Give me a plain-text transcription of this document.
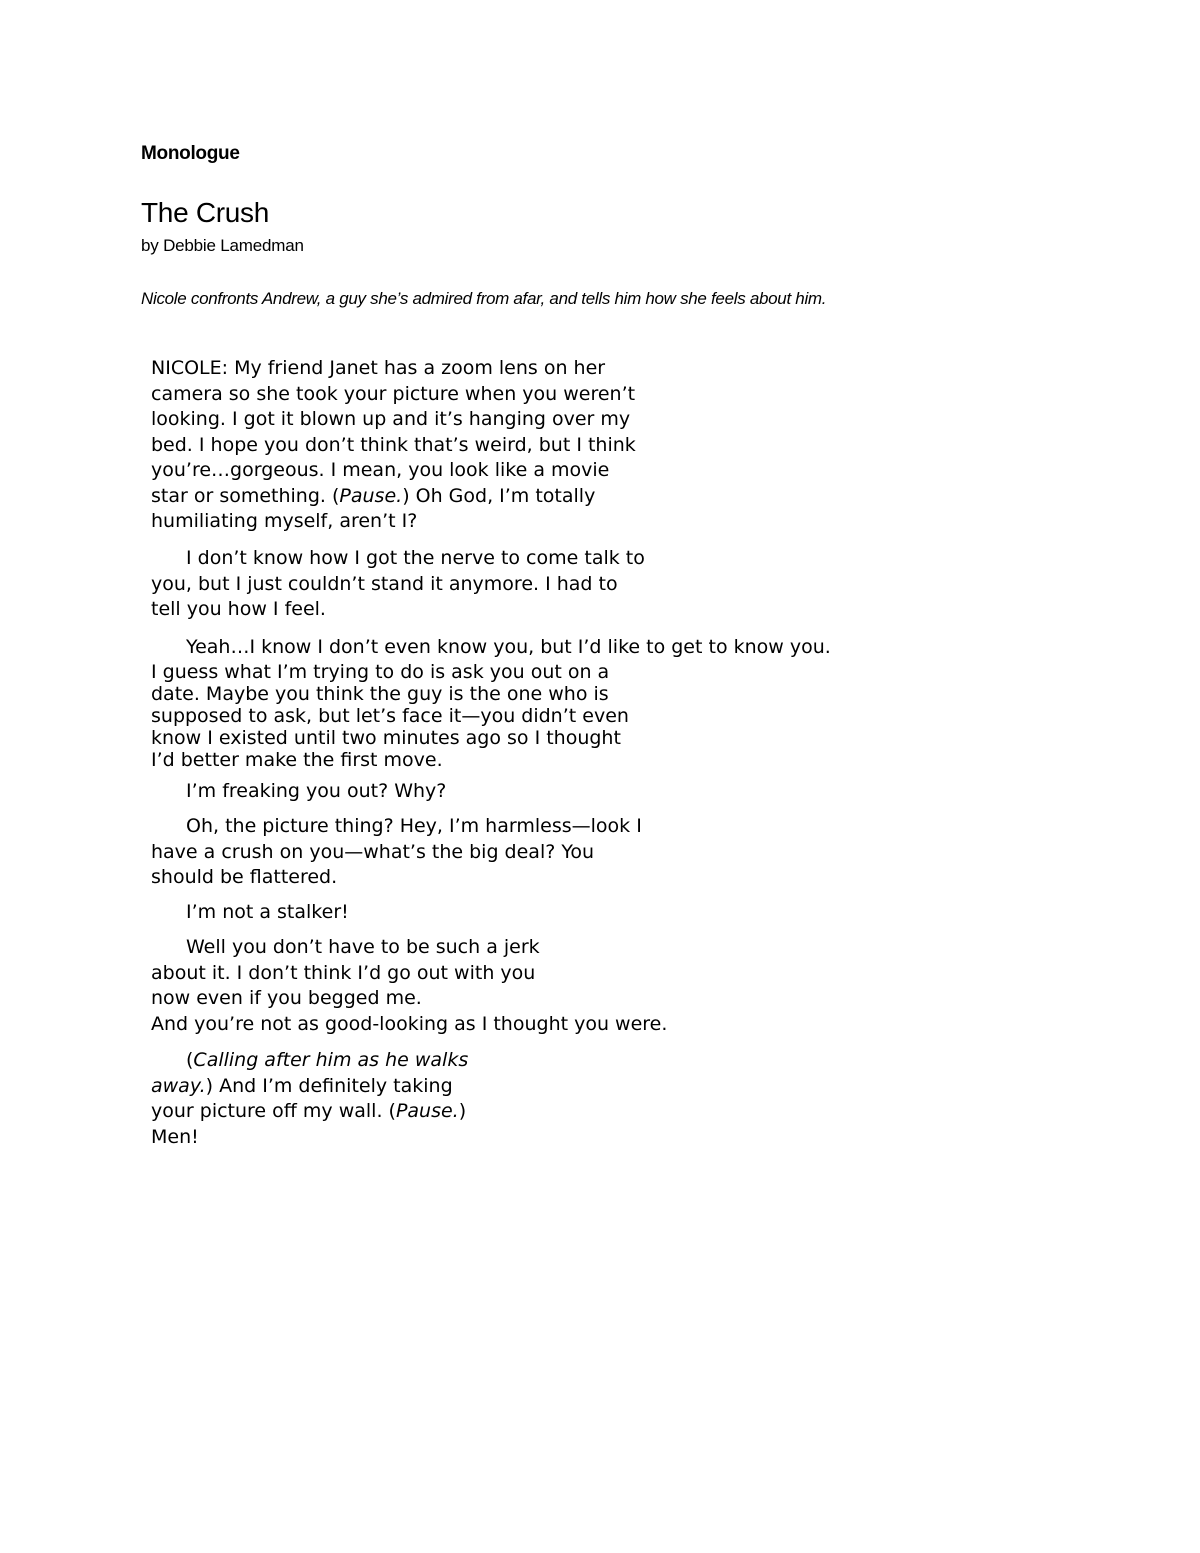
Monologue
The Crush
by Debbie Lamedman
Nicole confronts Andrew, a guy she’s admired from afar, and tells him how she feels about him.

NICOLE: My friend Janet has a zoom lens on her
camera so she took your picture when you weren’t
looking. I got it blown up and it’s hanging over my
bed. I hope you don’t think that’s weird, but I think
you’re…gorgeous. I mean, you look like a movie
star or something. (Pause.) Oh God, I’m totally
humiliating myself, aren’t I?

I don’t know how I got the nerve to come talk to
you, but I just couldn’t stand it anymore. I had to
tell you how I feel.

Yeah…I know I don’t even know you, but I’d like to get to know you.
I guess what I’m trying to do is ask you out on a
date. Maybe you think the guy is the one who is
supposed to ask, but let’s face it—you didn’t even
know I existed until two minutes ago so I thought
I’d better make the first move.

I’m freaking you out? Why?

Oh, the picture thing? Hey, I’m harmless—look I
have a crush on you—what’s the big deal? You
should be flattered.

I’m not a stalker!

Well you don’t have to be such a jerk
about it. I don’t think I’d go out with you
now even if you begged me.
And you’re not as good-looking as I thought you were.

(Calling after him as he walks
away.) And I’m definitely taking
your picture off my wall. (Pause.)
Men!
